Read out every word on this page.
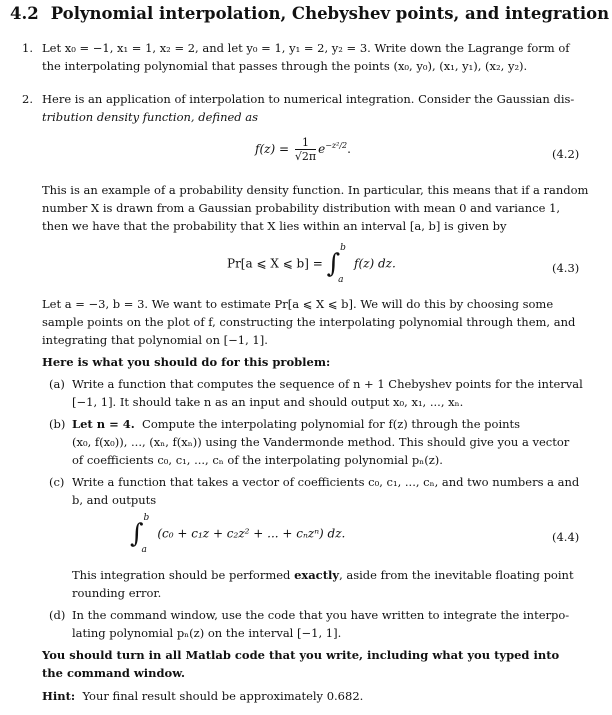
4.2 Polynomial interpolation, Chebyshev points, and integration
1. Let x₀ = −1, x₁ = 1, x₂ = 2, and let y₀ = 1, y₁ = 2, y₂ = 3. Write down the Lagrange form of
the interpolating polynomial that passes through the points (x₀, y₀), (x₁, y₁), (x₂, y₂).
2. Here is an application of interpolation to numerical integration. Consider the Gaussian dis-
tribution density function, defined as
$f(z) = \frac{1}{√2\pi} e^{-z^2/2}$.	(4.2)
This is an example of a probability density function. In particular, this means that if a random
number X is drawn from a Gaussian probability distribution with mean 0 and variance 1,
then we have that the probability that X lies within an interval [a, b] is given by
Pr[a ⩽ X ⩽ b] = ∫
b
a
f(z) dz.	(4.3)
Let a = −3, b = 3. We want to estimate Pr[a ⩽ X ⩽ b]. We will do this by choosing some
sample points on the plot of f, constructing the interpolating polynomial through them, and
integrating that polynomial on [−1, 1].
Here is what you should do for this problem:
(a) Write a function that computes the sequence of n + 1 Chebyshev points for the interval
[−1, 1]. It should take n as an input and should output x₀, x₁, ..., xₙ.
(b) Let n = 4. Compute the interpolating polynomial for f(z) through the points
(x₀, f(x₀)), ..., (xₙ, f(xₙ)) using the Vandermonde method. This should give you a vector
of coefficients c₀, c₁, ..., cₙ of the interpolating polynomial pₙ(z).
(c) Write a function that takes a vector of coefficients c₀, c₁, ..., cₙ, and two numbers a and
b, and outputs
∫
b
a
(c₀ + c₁z + c₂z² + ... + cₙzⁿ) dz.	(4.4)
This integration should be performed exactly, aside from the inevitable floating point
rounding error.
(d) In the command window, use the code that you have written to integrate the interpo-
lating polynomial pₙ(z) on the interval [−1, 1].
You should turn in all Matlab code that you write, including what you typed into
the command window.
Hint: Your final result should be approximately 0.682.
